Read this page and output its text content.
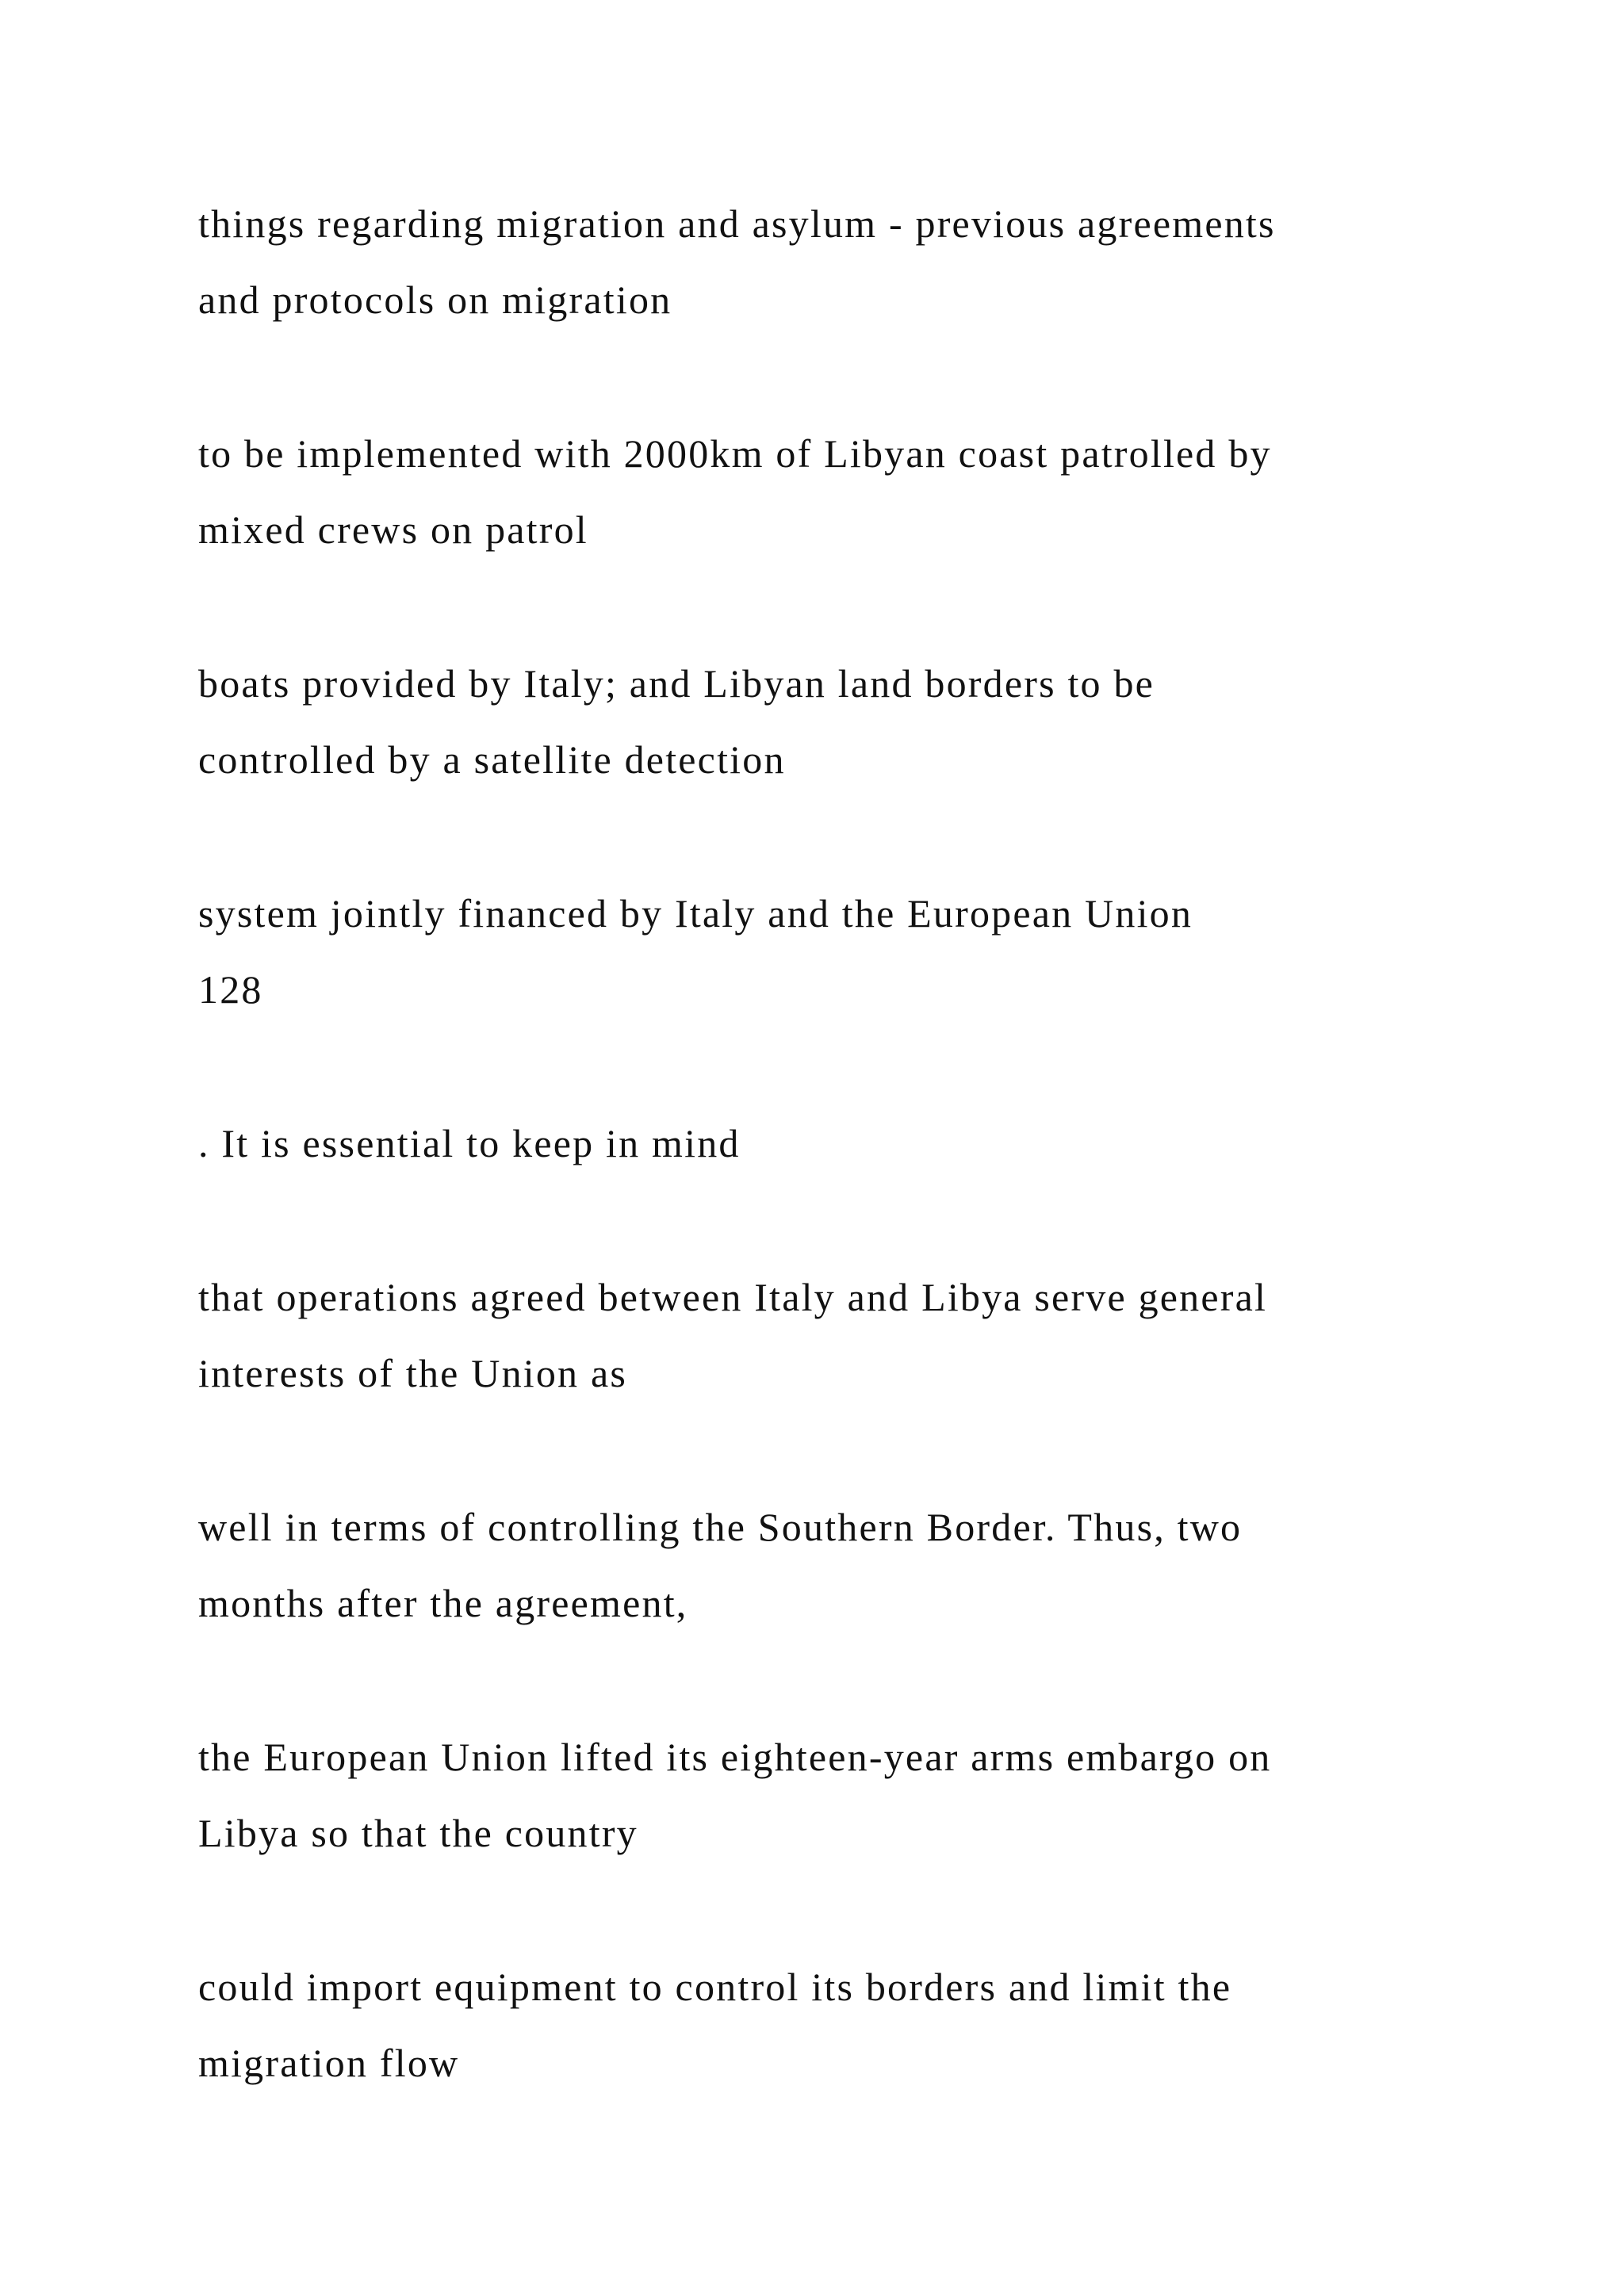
things regarding migration and asylum - previous agreements
and protocols on migration
to be implemented with 2000km of Libyan coast patrolled by
mixed crews on patrol
boats provided by Italy; and Libyan land borders to be
controlled by a satellite detection
system jointly financed by Italy and the European Union
128
. It is essential to keep in mind
that operations agreed between Italy and Libya serve general
interests of the Union as
well in terms of controlling the Southern Border. Thus, two
months after the agreement,
the European Union lifted its eighteen-year arms embargo on
Libya so that the country
could import equipment to control its borders and limit the
migration flow
